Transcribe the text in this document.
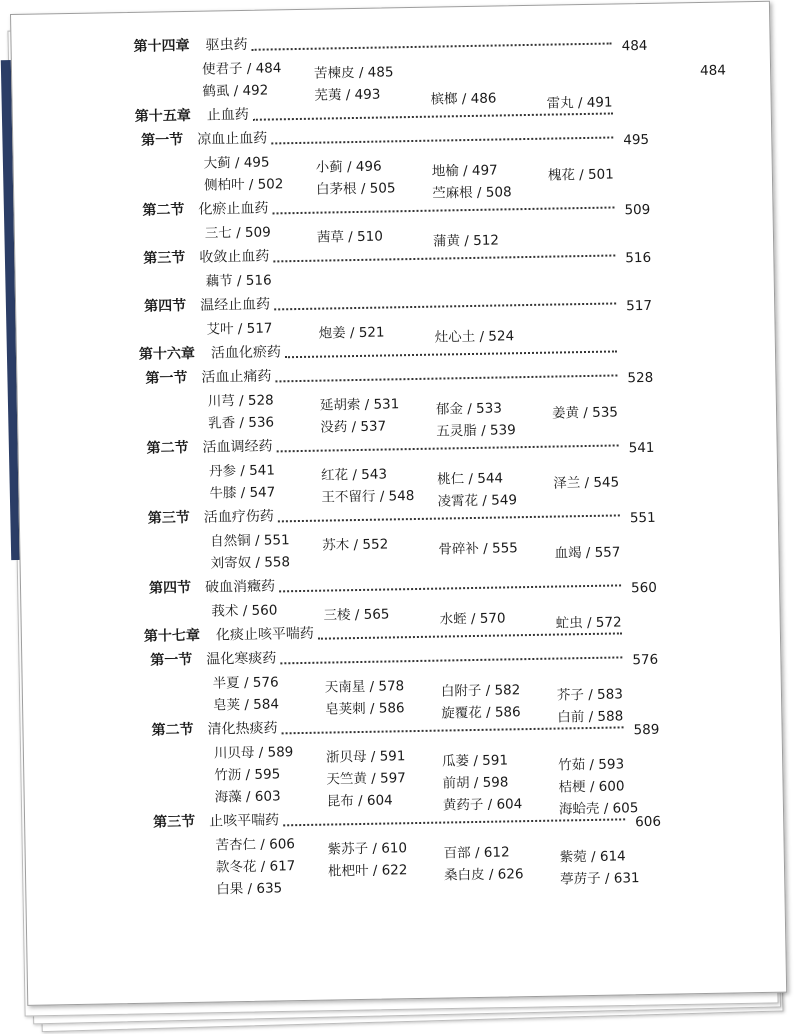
第十四章 驱虫药	484
使君子 / 484 苦楝皮 / 485
鹤虱 / 492	芜荑 / 493	槟榔 / 486	雷丸 / 491
第十五章 止血药
第一节 凉血止血药	495
大蓟 / 495	小蓟 / 496	地榆 / 497	槐花 / 501
侧柏叶 / 502 白茅根 / 505	苎麻根 / 508
第二节 化瘀止血药	509
三七 / 509	茜草 / 510	蒲黄 / 512
第三节 收敛止血药	516
藕节 / 516
第四节 温经止血药	517
艾叶 / 517	炮姜 / 521	灶心土 / 524
第十六章 活血化瘀药
第一节 活血止痛药	528
川芎 / 528	延胡索 / 531	郁金 / 533	姜黄 / 535
乳香 / 536	没药 / 537	五灵脂 / 539
第二节 活血调经药	541
丹参 / 541	红花 / 543	桃仁 / 544	泽兰 / 545
牛膝 / 547	王不留行 / 548 凌霄花 / 549
第三节 活血疗伤药	551
自然铜 / 551 苏木 / 552	骨碎补 / 555	血竭 / 557
刘寄奴 / 558
第四节 破血消癥药	560
莪术 / 560	三棱 / 565	水蛭 / 570	虻虫 / 572
第十七章 化痰止咳平喘药
第一节 温化寒痰药	576
半夏 / 576	天南星 / 578	白附子 / 582	芥子 / 583
皂荚 / 584	皂荚刺 / 586	旋覆花 / 586	白前 / 588
第二节 清化热痰药	589
川贝母 / 589 浙贝母 / 591	瓜蒌 / 591	竹茹 / 593
竹沥 / 595	天竺黄 / 597	前胡 / 598	桔梗 / 600
海藻 / 603	昆布 / 604	黄药子 / 604	海蛤壳 / 605
第三节 止咳平喘药	606
苦杏仁 / 606 紫苏子 / 610	百部 / 612	紫菀 / 614
款冬花 / 617 枇杷叶 / 622	桑白皮 / 626	葶苈子 / 631
白果 / 635
484
